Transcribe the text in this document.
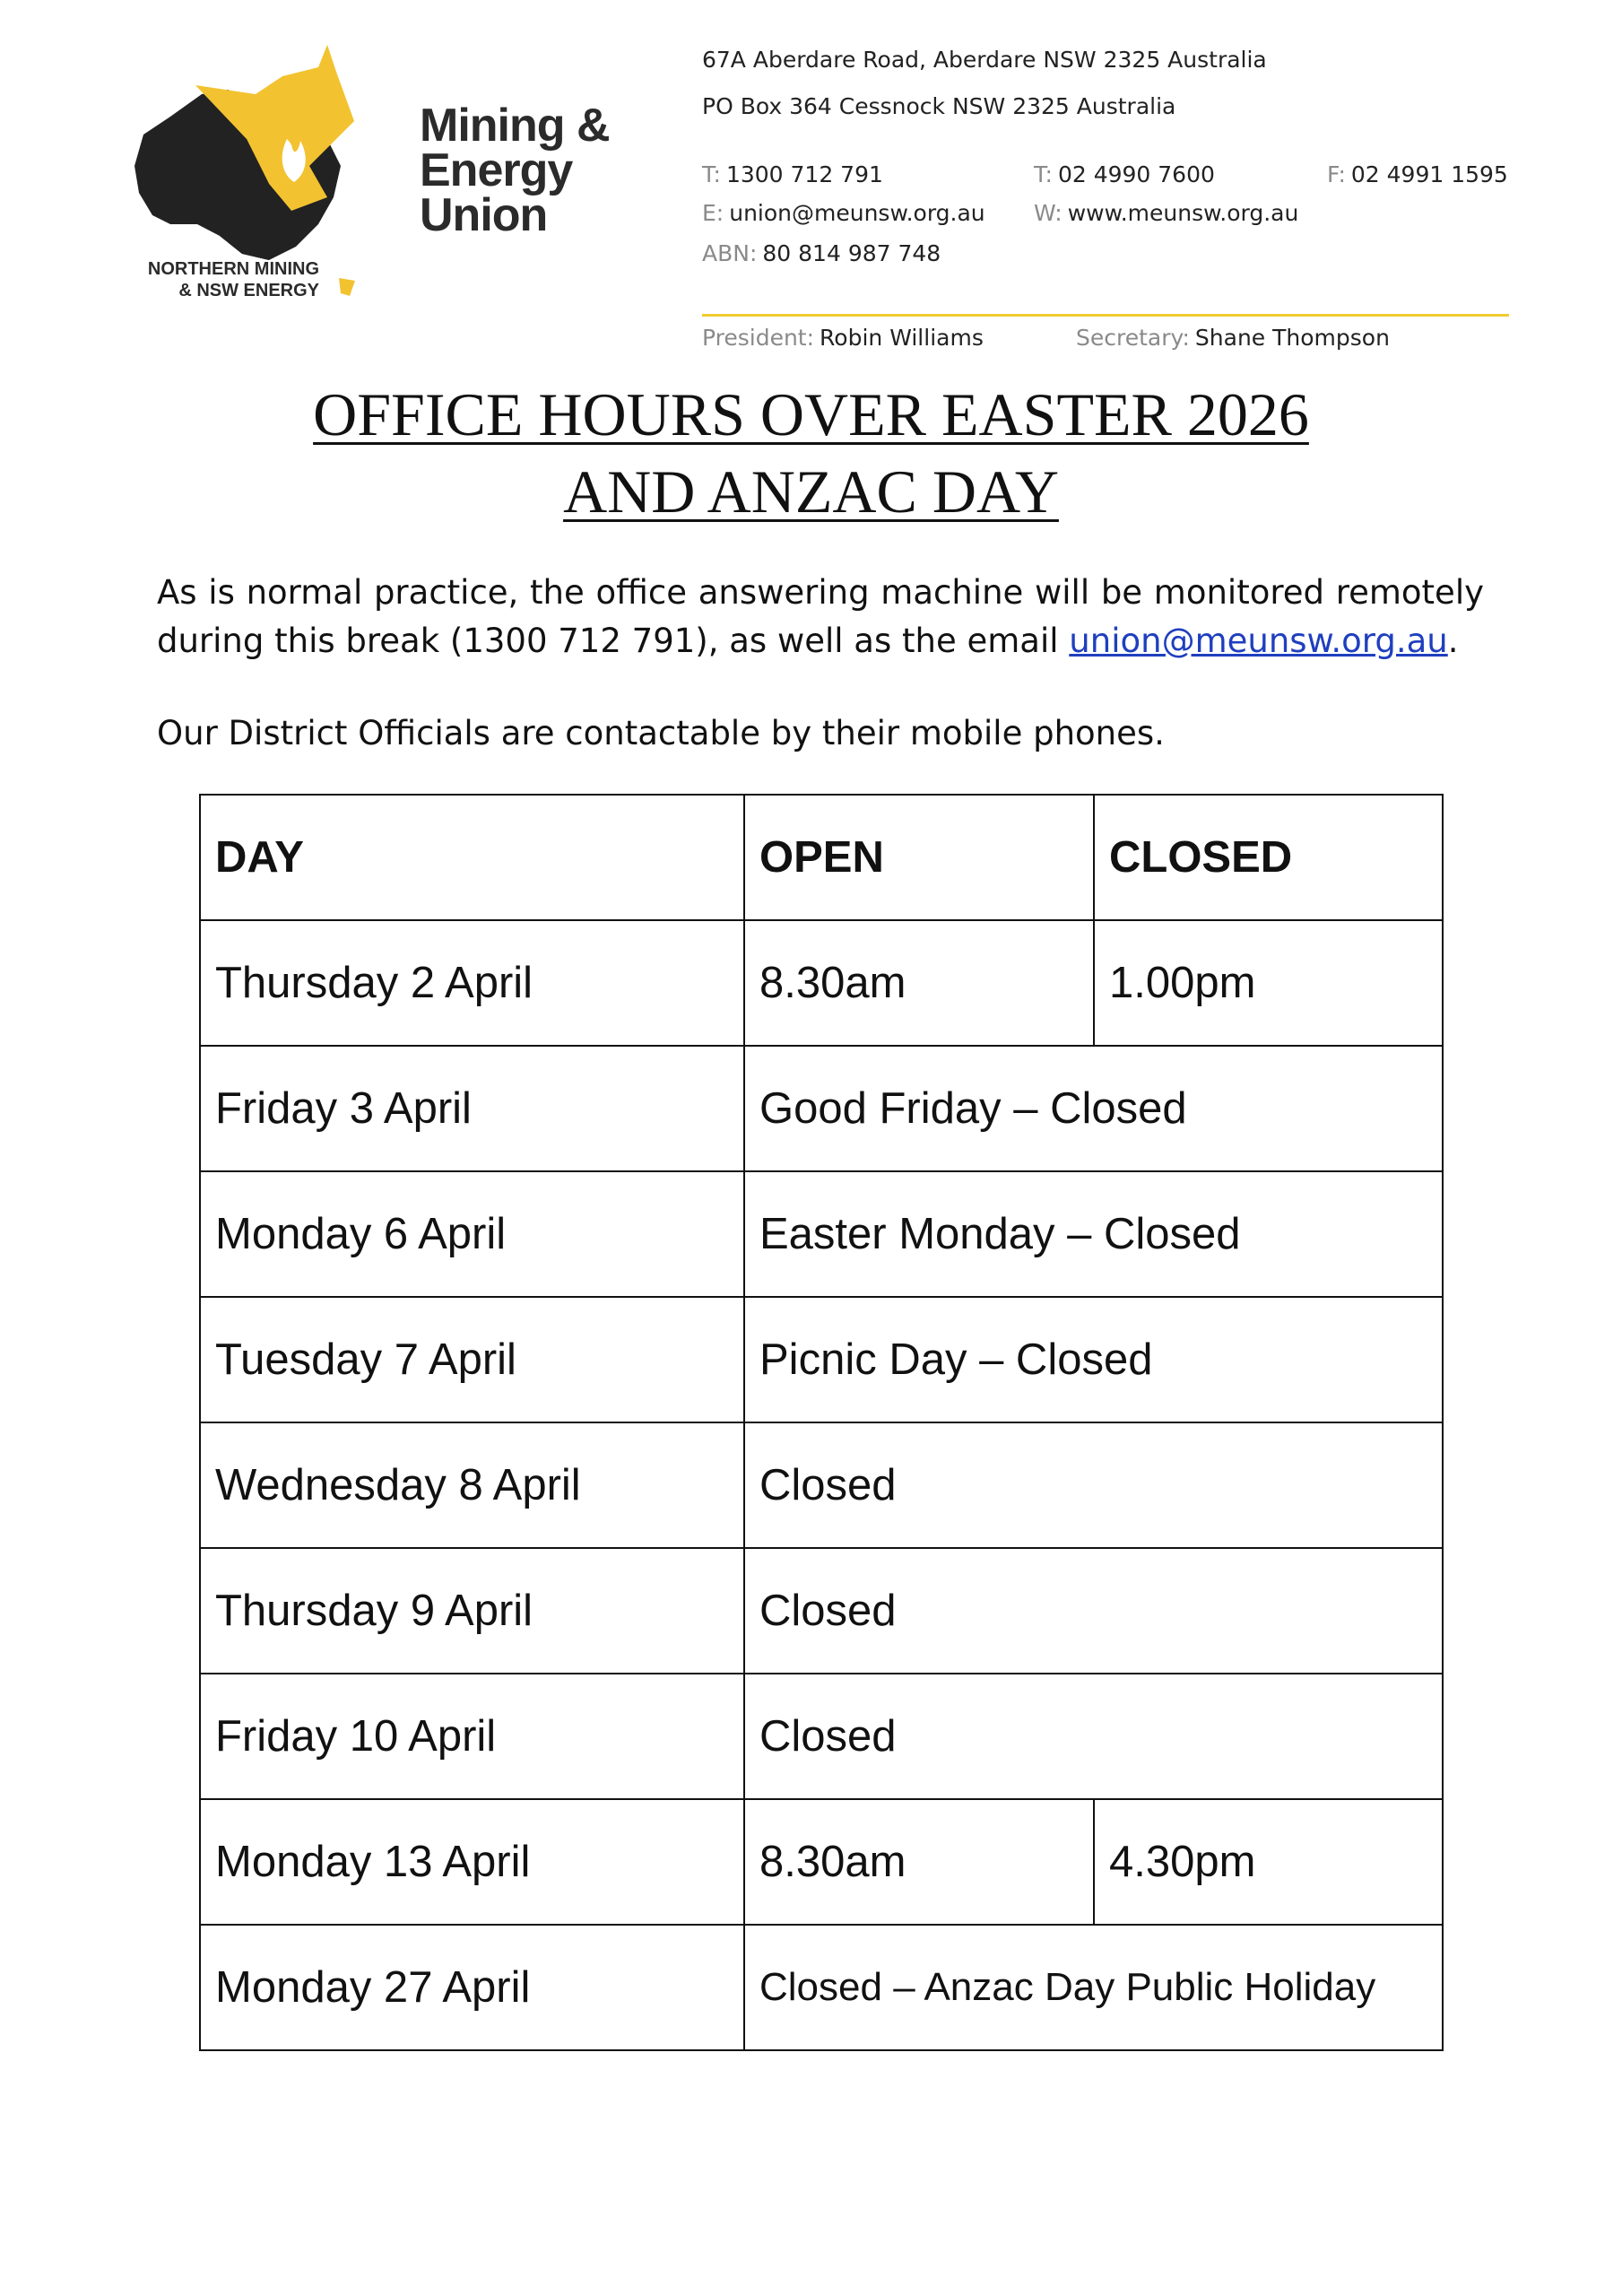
Mining &
Energy
Union
NORTHERN MINING
& NSW ENERGY
67A Aberdare Road, Aberdare NSW 2325 Australia
PO Box 364 Cessnock NSW 2325 Australia
T: 1300 712 791	T: 02 4990 7600	F: 02 4991 1595
E: union@meunsw.org.au W: www.meunsw.org.au
ABN: 80 814 987 748
President: Robin Williams	Secretary: Shane Thompson
OFFICE HOURS OVER EASTER 2026
AND ANZAC DAY
As is normal practice, the office answering machine will be monitored remotely during this break (1300 712 791), as well as the email union@meunsw.org.au.
Our District Officials are contactable by their mobile phones.
DAY	OPEN	CLOSED
Thursday 2 April	8.30am	1.00pm
Friday 3 April	Good Friday – Closed	
Monday 6 April	Easter Monday – Closed	
Tuesday 7 April	Picnic Day – Closed	
Wednesday 8 April	Closed	
Thursday 9 April	Closed	
Friday 10 April	Closed	
Monday 13 April	8.30am	4.30pm
Monday 27 April	Closed – Anzac Day Public Holiday	
